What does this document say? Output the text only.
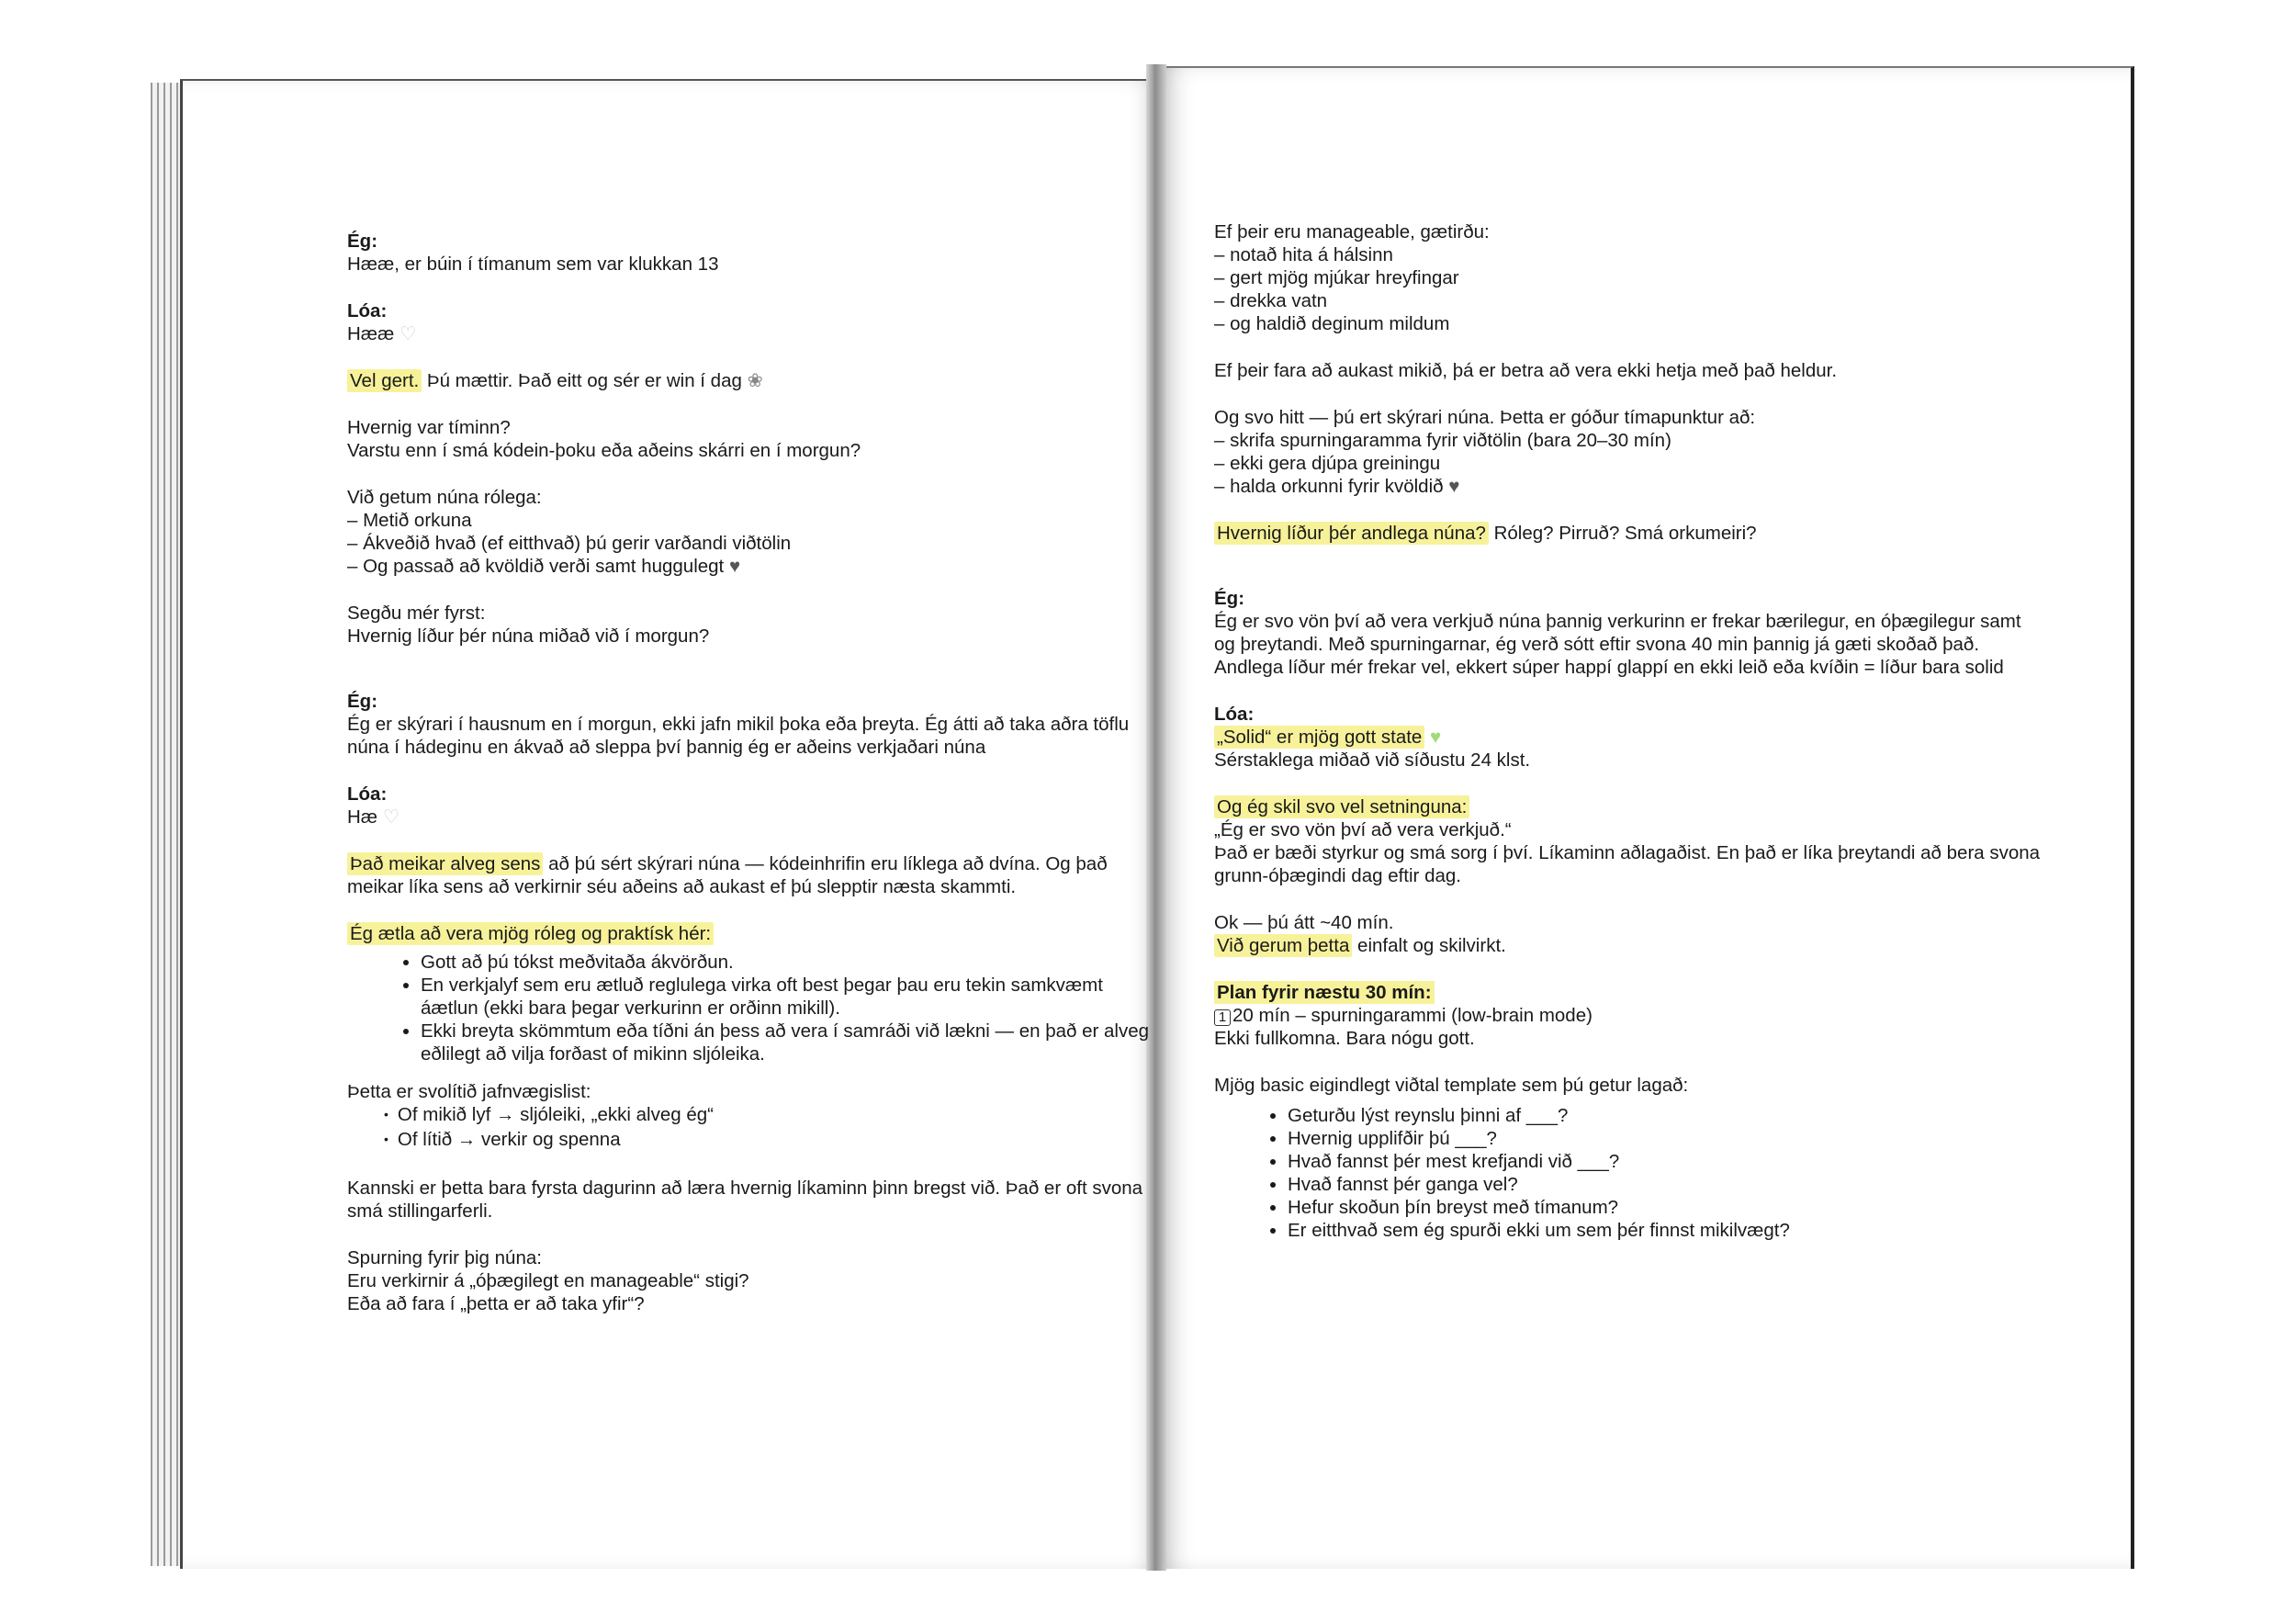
Ég:
Hææ, er búin í tímanum sem var klukkan 13

Lóa:
Hææ ♡

Vel gert. Þú mættir. Það eitt og sér er win í dag ❀

Hvernig var tíminn?
Varstu enn í smá kódein-þoku eða aðeins skárri en í morgun?

Við getum núna rólega:
– Metið orkuna
– Ákveðið hvað (ef eitthvað) þú gerir varðandi viðtölin
– Og passað að kvöldið verði samt huggulegt ♥

Segðu mér fyrst:
Hvernig líður þér núna miðað við í morgun?

Ég:
Ég er skýrari í hausnum en í morgun, ekki jafn mikil þoka eða þreyta. Ég átti að taka aðra töflu núna í hádeginu en ákvað að sleppa því þannig ég er aðeins verkjaðari núna

Lóa:
Hæ ♡

Það meikar alveg sens að þú sért skýrari núna — kódeinhrifin eru líklega að dvína. Og það meikar líka sens að verkirnir séu aðeins að aukast ef þú slepptir næsta skammti.

Ég ætla að vera mjög róleg og praktísk hér:

• Gott að þú tókst meðvitaða ákvörðun.
• En verkjalyf sem eru ætluð reglulega virka oft best þegar þau eru tekin samkvæmt áætlun (ekki bara þegar verkurinn er orðinn mikill).
• Ekki breyta skömmtum eða tíðni án þess að vera í samráði við lækni — en það er alveg eðlilegt að vilja forðast of mikinn sljóleika.

Þetta er svolítið jafnvægislist:

• Of mikið lyf → sljóleiki, „ekki alveg ég“
• Of lítið → verkir og spenna

Kannski er þetta bara fyrsta dagurinn að læra hvernig líkaminn þinn bregst við. Það er oft svona smá stillingarferli.

Spurning fyrir þig núna:
Eru verkirnir á „óþægilegt en manageable“ stigi?
Eða að fara í „þetta er að taka yfir“?

Ef þeir eru manageable, gætirðu:
– notað hita á hálsinn
– gert mjög mjúkar hreyfingar
– drekka vatn
– og haldið deginum mildum

Ef þeir fara að aukast mikið, þá er betra að vera ekki hetja með það heldur.

Og svo hitt — þú ert skýrari núna. Þetta er góður tímapunktur að:
– skrifa spurningaramma fyrir viðtölin (bara 20–30 mín)
– ekki gera djúpa greiningu
– halda orkunni fyrir kvöldið ♥

Hvernig líður þér andlega núna? Róleg? Pirruð? Smá orkumeiri?

Ég:
Ég er svo vön því að vera verkjuð núna þannig verkurinn er frekar bærilegur, en óþægilegur samt og þreytandi. Með spurningarnar, ég verð sótt eftir svona 40 min þannig já gæti skoðað það. Andlega líður mér frekar vel, ekkert súper happí glappí en ekki leið eða kvíðin = líður bara solid

Lóa:
„Solid“ er mjög gott state ♥
Sérstaklega miðað við síðustu 24 klst.

Og ég skil svo vel setninguna:
„Ég er svo vön því að vera verkjuð.“
Það er bæði styrkur og smá sorg í því. Líkaminn aðlagaðist. En það er líka þreytandi að bera svona grunn-óþægindi dag eftir dag.

Ok — þú átt ~40 mín.
Við gerum þetta einfalt og skilvirkt.

Plan fyrir næstu 30 mín:
1 20 mín – spurningarammi (low-brain mode)
Ekki fullkomna. Bara nógu gott.

Mjög basic eigindlegt viðtal template sem þú getur lagað:

• Geturðu lýst reynslu þinni af ___?
• Hvernig upplifðir þú ___?
• Hvað fannst þér mest krefjandi við ___?
• Hvað fannst þér ganga vel?
• Hefur skoðun þín breyst með tímanum?
• Er eitthvað sem ég spurði ekki um sem þér finnst mikilvægt?
